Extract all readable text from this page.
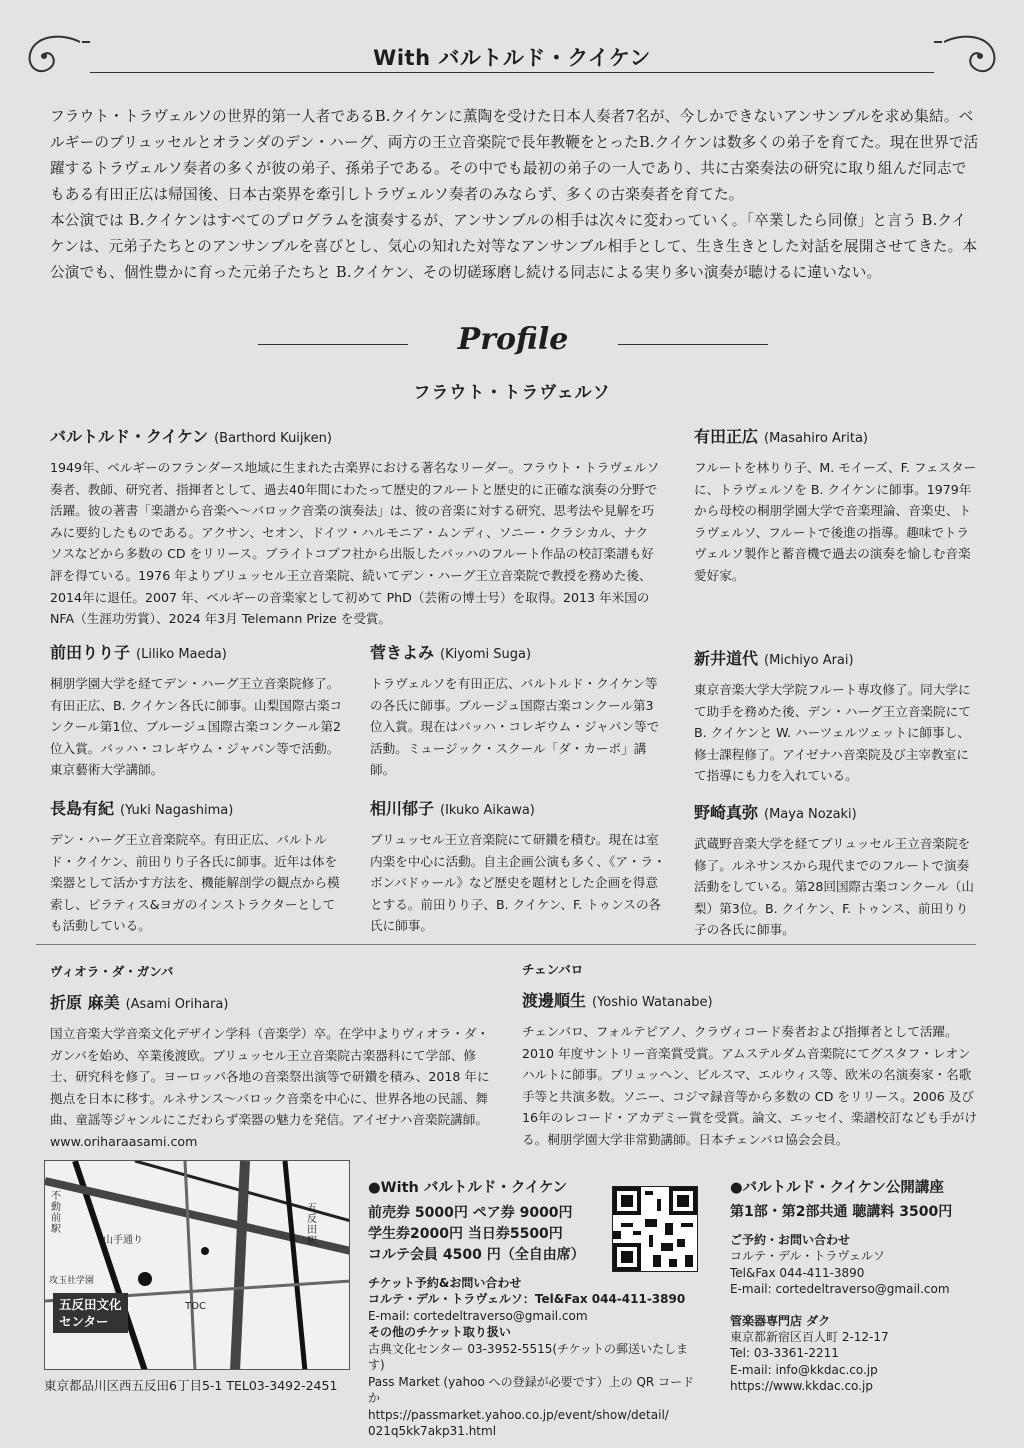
With バルトルド・クイケン

フラウト・トラヴェルソの世界的第一人者であるB.クイケンに薫陶を受けた日本人奏者7名が、今しかできないアンサンブルを求め集結。ベルギーのブリュッセルとオランダのデン・ハーグ、両方の王立音楽院で長年教鞭をとったB.クイケンは数多くの弟子を育てた。現在世界で活躍するトラヴェルソ奏者の多くが彼の弟子、孫弟子である。その中でも最初の弟子の一人であり、共に古楽奏法の研究に取り組んだ同志でもある有田正広は帰国後、日本古楽界を牽引しトラヴェルソ奏者のみならず、多くの古楽奏者を育てた。

本公演では B.クイケンはすべてのプログラムを演奏するが、アンサンブルの相手は次々に変わっていく。「卒業したら同僚」と言う B.クイケンは、元弟子たちとのアンサンブルを喜びとし、気心の知れた対等なアンサンブル相手として、生き生きとした対話を展開させてきた。本公演でも、個性豊かに育った元弟子たちと B.クイケン、その切磋琢磨し続ける同志による実り多い演奏が聴けるに違いない。

Profile
フラウト・トラヴェルソ
バルトルド・クイケン (Barthord Kuijken)
1949年、ベルギーのフランダース地域に生まれた古楽界における著名なリーダー。フラウト・トラヴェルソ奏者、教師、研究者、指揮者として、過去40年間にわたって歴史的フルートと歴史的に正確な演奏の分野で活躍。彼の著書「楽譜から音楽へ～バロック音楽の演奏法」は、彼の音楽に対する研究、思考法や見解を巧みに要約したものである。アクサン、セオン、ドイツ・ハルモニア・ムンディ、ソニー・クラシカル、ナクソスなどから多数の CD をリリース。ブライトコプフ社から出版したバッハのフルート作品の校訂楽譜も好評を得ている。1976 年よりブリュッセル王立音楽院、続いてデン・ハーグ王立音楽院で教授を務めた後、2014年に退任。2007 年、ベルギーの音楽家として初めて PhD（芸術の博士号）を取得。2013 年米国の NFA（生涯功労賞）、2024 年3月 Telemann Prize を受賞。
有田正広 (Masahiro Arita)
フルートを林りり子、M. モイーズ、F. フェスターに、トラヴェルソを B. クイケンに師事。1979年から母校の桐朋学園大学で音楽理論、音楽史、トラヴェルソ、フルートで後進の指導。趣味でトラヴェルソ製作と蓄音機で過去の演奏を愉しむ音楽愛好家。
前田りり子 (Liliko Maeda)
桐朋学園大学を経てデン・ハーグ王立音楽院修了。有田正広、B. クイケン各氏に師事。山梨国際古楽コンクール第1位、ブルージュ国際古楽コンクール第2位入賞。バッハ・コレギウム・ジャパン等で活動。東京藝術大学講師。
菅きよみ (Kiyomi Suga)
トラヴェルソを有田正広、バルトルド・クイケン等の各氏に師事。ブルージュ国際古楽コンクール第3位入賞。現在はバッハ・コレギウム・ジャパン等で活動。ミュージック・スクール「ダ・カーポ」講師。
新井道代 (Michiyo Arai)
東京音楽大学大学院フルート専攻修了。同大学にて助手を務めた後、デン・ハーグ王立音楽院にて B. クイケンと W. ハーツェルツェットに師事し、修士課程修了。アイゼナハ音楽院及び主宰教室にて指導にも力を入れている。
長島有紀 (Yuki Nagashima)
デン・ハーグ王立音楽院卒。有田正広、バルトルド・クイケン、前田りり子各氏に師事。近年は体を楽器として活かす方法を、機能解剖学の観点から模索し、ピラティス&ヨガのインストラクターとしても活動している。
相川郁子 (Ikuko Aikawa)
ブリュッセル王立音楽院にて研鑽を積む。現在は室内楽を中心に活動。自主企画公演も多く、《ア・ラ・ボンバドゥール》など歴史を題材とした企画を得意とする。前田りり子、B. クイケン、F. トゥンスの各氏に師事。
野崎真弥 (Maya Nozaki)
武蔵野音楽大学を経てブリュッセル王立音楽院を修了。ルネサンスから現代までのフルートで演奏活動をしている。第28回国際古楽コンクール（山梨）第3位。B. クイケン、F. トゥンス、前田りり子の各氏に師事。
ヴィオラ・ダ・ガンバ
折原 麻美 (Asami Orihara)
国立音楽大学音楽文化デザイン学科（音楽学）卒。在学中よりヴィオラ・ダ・ガンバを始め、卒業後渡欧。ブリュッセル王立音楽院古楽器科にて学部、修士、研究科を修了。ヨーロッパ各地の音楽祭出演等で研鑽を積み、2018 年に拠点を日本に移す。ルネサンス～バロック音楽を中心に、世界各地の民謡、舞曲、童謡等ジャンルにこだわらず楽器の魅力を発信。アイゼナハ音楽院講師。www.oriharaasami.com
チェンバロ
渡邊順生 (Yoshio Watanabe)
チェンバロ、フォルテピアノ、クラヴィコード奏者および指揮者として活躍。2010 年度サントリー音楽賞受賞。アムステルダム音楽院にてグスタフ・レオンハルトに師事。ブリュッヘン、ビルスマ、エルウィス等、欧米の名演奏家・名歌手等と共演多数。ソニー、コジマ録音等から多数の CD をリリース。2006 及び 16年のレコード・アカデミー賞を受賞。論文、エッセイ、楽譜校訂なども手がける。桐朋学園大学非常勤講師。日本チェンバロ協会会員。
五反田駅
不動前駅
山手通り
TOC
攻玉社学園
五反田文化
センター
東京都品川区西五反田6丁目5-1 TEL03-3492-2451
●With バルトルド・クイケン
前売券 5000円 ペア券 9000円
学生券2000円 当日券5500円
コルテ会員 4500 円（全自由席）
チケット予約&お問い合わせ
コルテ・デル・トラヴェルソ：Tel&Fax 044-411-3890
E-mail: cortedeltraverso@gmail.com
その他のチケット取り扱い
古典文化センター 03-3952-5515(チケットの郵送いたします)
Pass Market (yahoo への登録が必要です）上の QR コードか
https://passmarket.yahoo.co.jp/event/show/detail/
021q5kk7akp31.html
●バルトルド・クイケン公開講座
第1部・第2部共通 聴講料 3500円
ご予約・お問い合わせ
コルテ・デル・トラヴェルソ
Tel&Fax 044-411-3890
E-mail: cortedeltraverso@gmail.com
管楽器専門店 ダク
東京都新宿区百人町 2-12-17
Tel: 03-3361-2211
E-mail: info@kkdac.co.jp
https://www.kkdac.co.jp
